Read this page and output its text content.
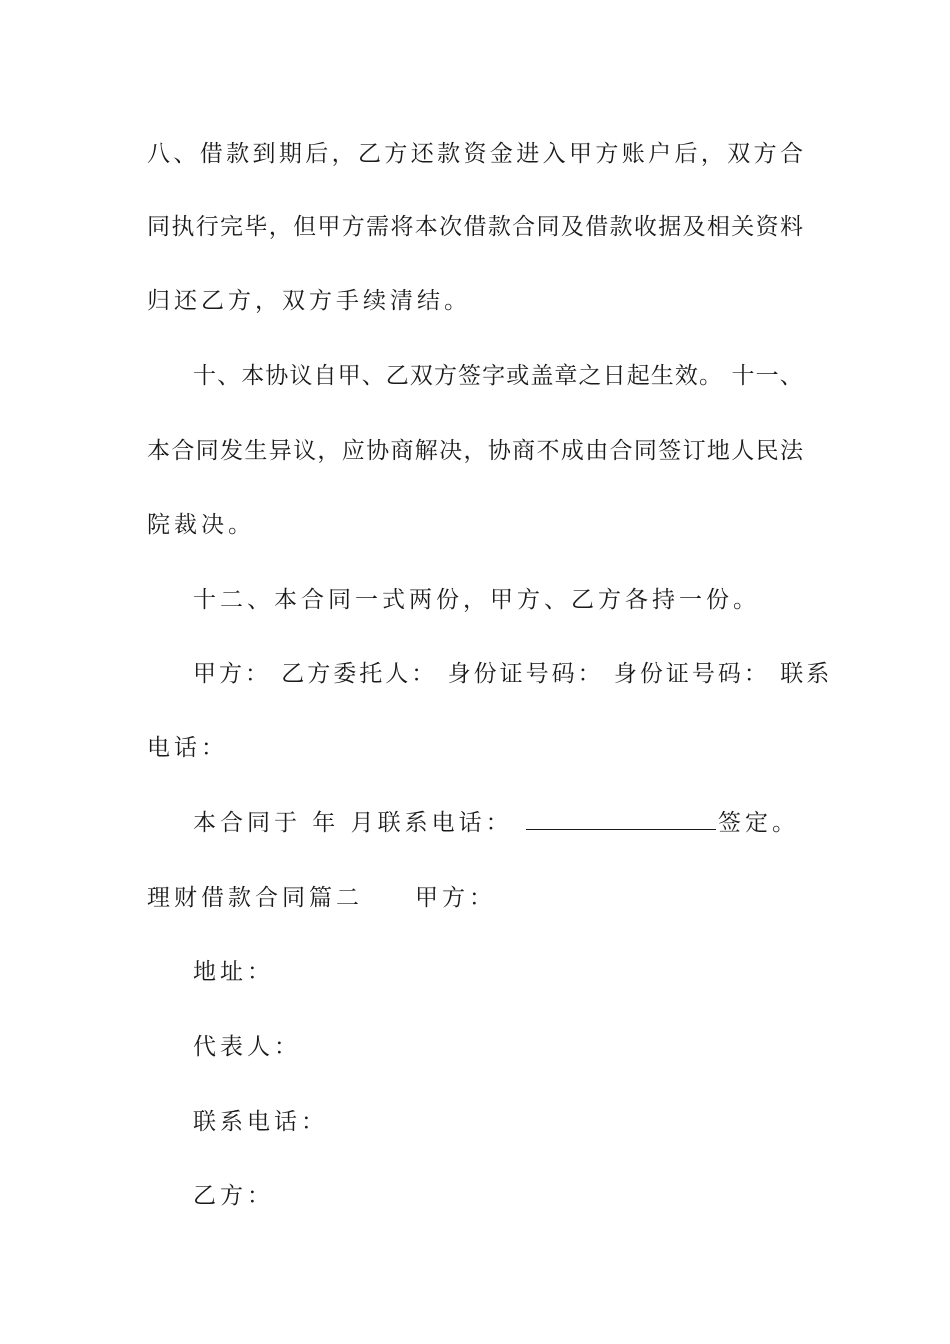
八 、 借 款 到 期 后 ， 乙 方 还 款 资 金 进 入 甲 方 账 户 后 ， 双 方 合
同 执 行 完 毕 ， 但 甲 方 需 将 本 次 借 款 合 同 及 借 款 收 据 及 相 关 资 料
归还乙方，双方手续清结。
十 、 本 协 议 自 甲 、 乙 双 方 签 字 或 盖 章 之 日 起 生 效 。
十 一 、
本 合 同 发 生 异 议 ， 应 协 商 解 决 ， 协 商 不 成 由 合 同 签 订 地 人 民 法
院裁决。
十二、本合同一式两份，甲方、乙方各持一份。
甲方： 乙方委托人： 身份证号码： 身份证号码： 联系
电话：
本合同于 年 月联系电话：	签定。
理财借款合同篇二 甲方：
地址：
代表人：
联系电话：
乙方：
